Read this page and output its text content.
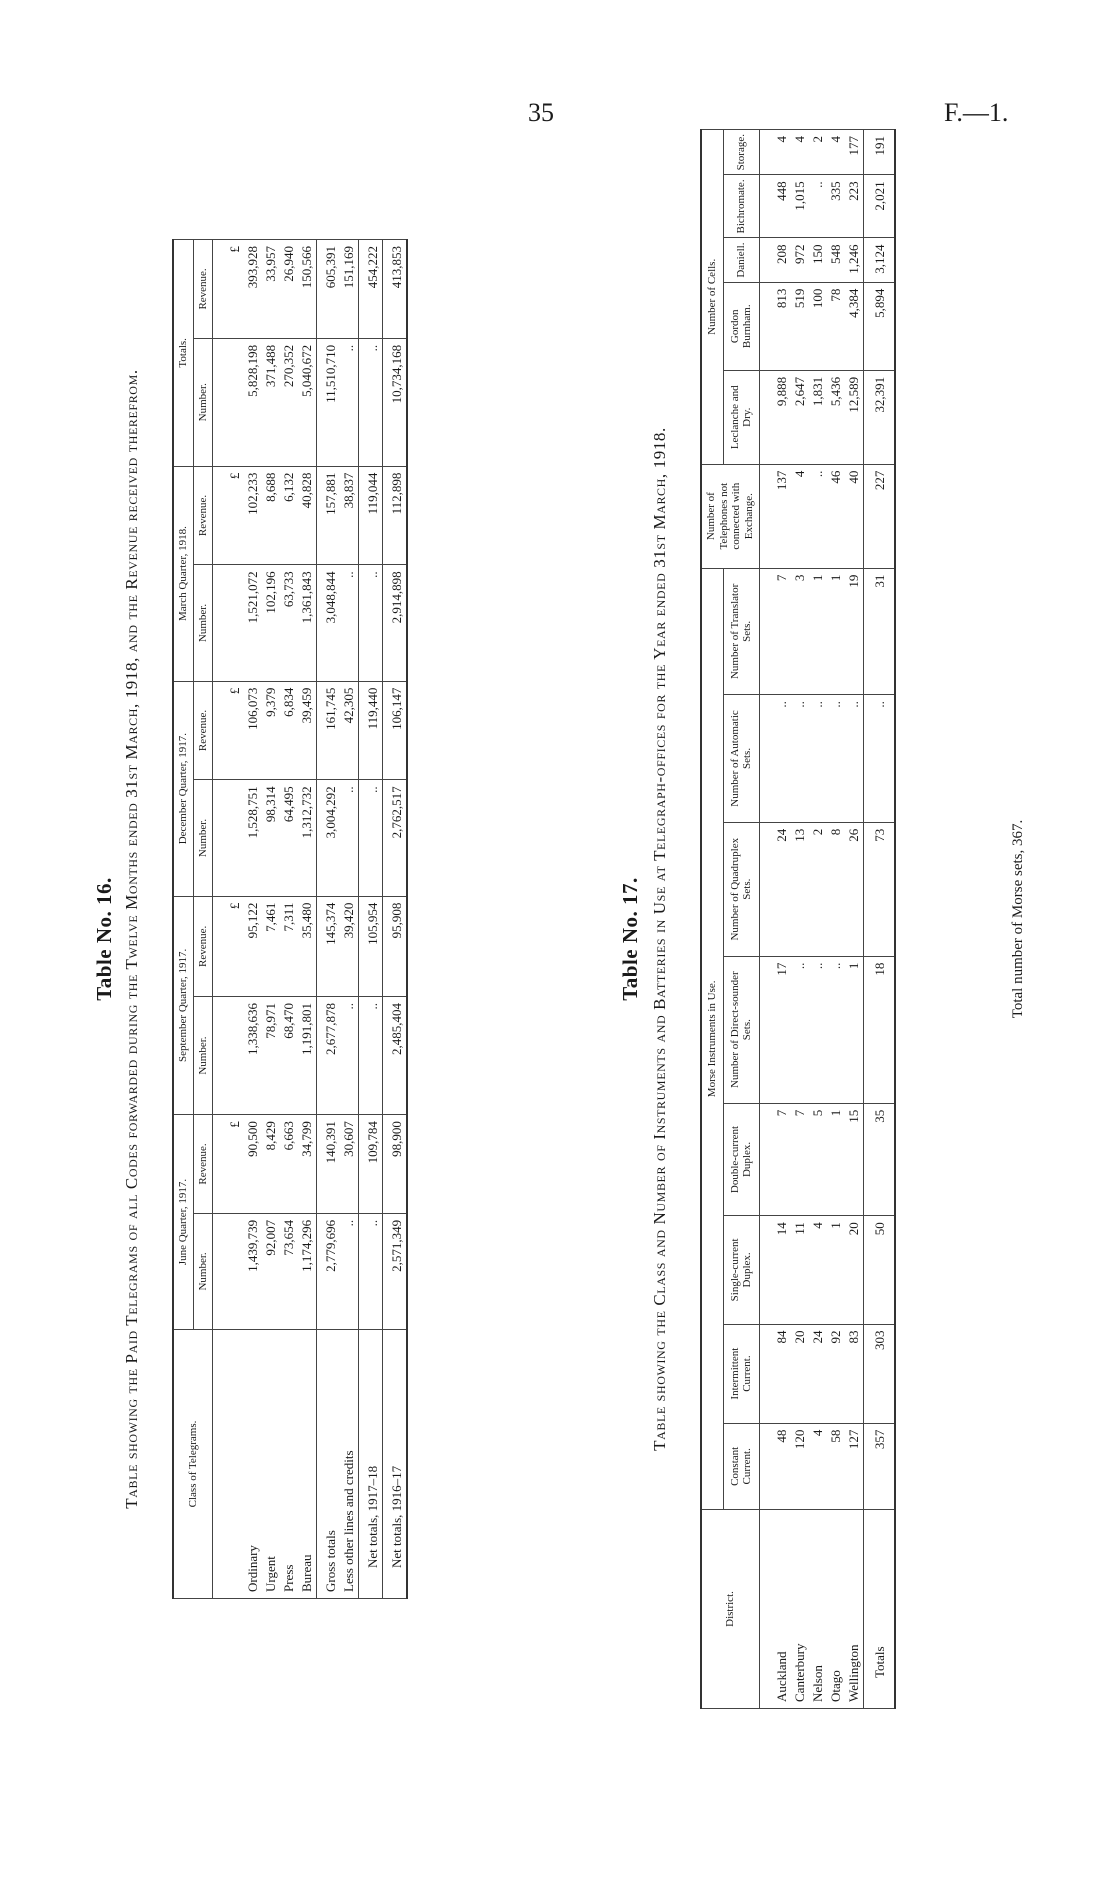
35	F.—1.
Table No. 16. Table showing the Paid Telegrams of all Codes forwarded during the Twelve Months ended 31st March, 1918, and the Revenue received therefrom.	Class of Telegrams.	June Quarter, 1917.		September Quarter, 1917.		December Quarter, 1917.		March Quarter, 1918.		Totals.	
	Number.	Revenue.	Number.	Revenue.	Number.	Revenue.	Number.	Revenue.	Number.	Revenue.
		£		£		£		£		£
Ordinary	1,439,739	90,500	1,338,636	95,122	1,528,751	106,073	1,521,072	102,233	5,828,198	393,928
Urgent	92,007	8,429	78,971	7,461	98,314	9,379	102,196	8,688	371,488	33,957
Press	73,654	6,663	68,470	7,311	64,495	6,834	63,733	6,132	270,352	26,940
Bureau	1,174,296	34,799	1,191,801	35,480	1,312,732	39,459	1,361,843	40,828	5,040,672	150,566
Gross totals	2,779,696	140,391	2,677,878	145,374	3,004,292	161,745	3,048,844	157,881	11,510,710	605,391
Less other lines and credits	..	30,607	..	39,420	..	42,305	..	38,837	..	151,169
Net totals, 1917–18	..	109,784	..	105,954	..	119,440	..	119,044	..	454,222
Net totals, 1916–17	2,571,349	98,900	2,485,404	95,908	2,762,517	106,147	2,914,898	112,898	10,734,168	413,853
Table No. 17. Table showing the Class and Number of Instruments and Batteries in Use at Telegraph-offices for the Year ended 31st March, 1918.
District.	Morse Instruments in Use.								Number of Telephones not connected with Exchange.	Number of Cells.				
	Constant Current.	Intermittent Current.	Single-current Duplex.	Double-current Duplex.	Number of Direct-sounder Sets.	Number of Quadruplex Sets.	Number of Automatic Sets.	Number of Translator Sets.		Leclanche and Dry.	Gordon Burnham.	Daniell.	Bichromate.	Storage.
Auckland	48	84	14	7	17	24	..	7	137	9,888	813	208	448	4
Canterbury	120	20	11	7	..	13	..	3	4	2,647	519	972	1,015	4
Nelson	4	24	4	5	..	2	..	1	..	1,831	100	150	..	2
Otago	58	92	1	1	..	8	..	1	46	5,436	78	548	335	4
Wellington	127	83	20	15	1	26	..	19	40	12,589	4,384	1,246	223	177
Totals	357	303	50	35	18	73	..	31	227	32,391	5,894	3,124	2,021	191
Total number of Morse sets, 367.
